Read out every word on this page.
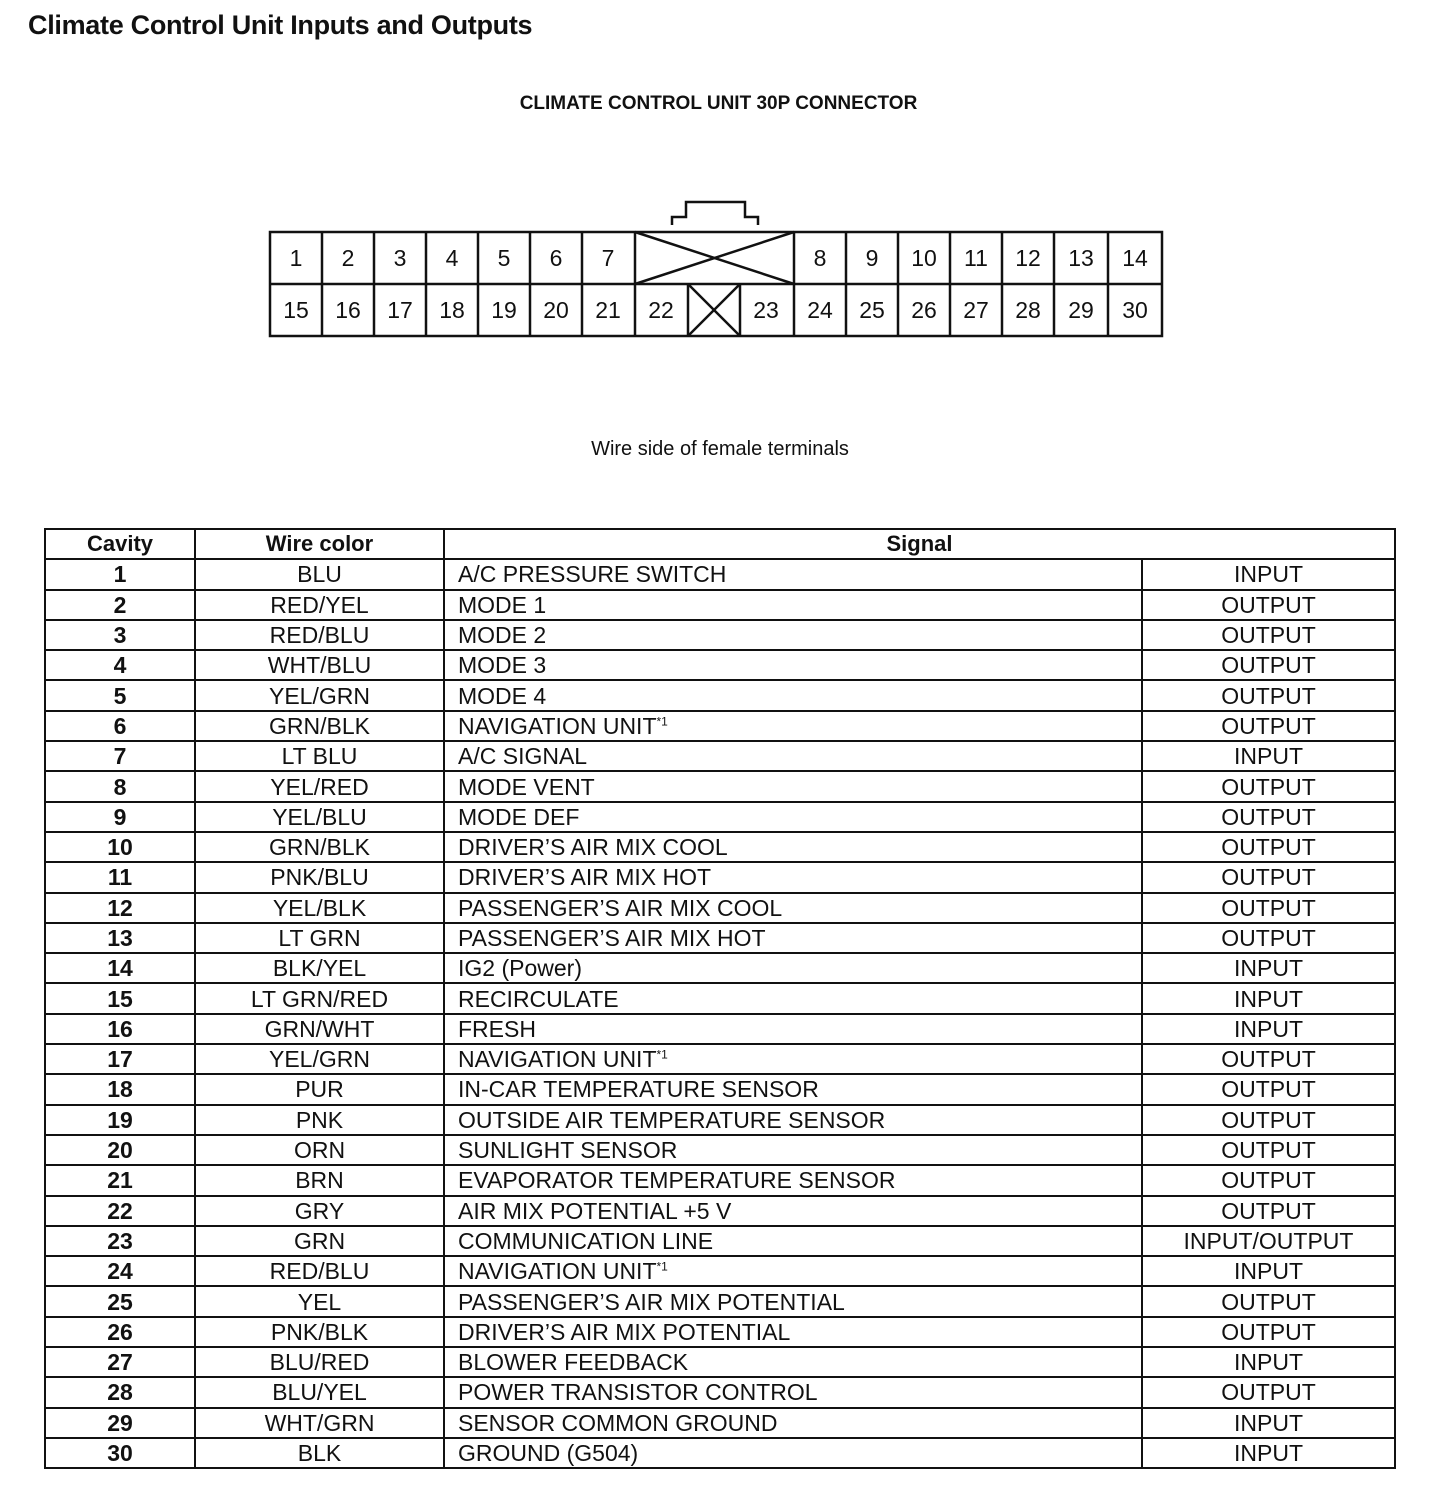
Climate Control Unit Inputs and Outputs
CLIMATE CONTROL UNIT 30P CONNECTOR
1 2 3 4 5 6 7	8 9 10 11 12 13 14
15 16 17 18 19 20 21 22	23 24 25 26 27 28 29 30
Wire side of female terminals
Cavity	Wire color	Signal	
1	BLU	A/C PRESSURE SWITCH	INPUT
2	RED/YEL	MODE 1	OUTPUT
3	RED/BLU	MODE 2	OUTPUT
4	WHT/BLU	MODE 3	OUTPUT
5	YEL/GRN	MODE 4	OUTPUT
6	GRN/BLK	NAVIGATION UNIT$^{*1}$	OUTPUT
7	LT BLU	A/C SIGNAL	INPUT
8	YEL/RED	MODE VENT	OUTPUT
9	YEL/BLU	MODE DEF	OUTPUT
10	GRN/BLK	DRIVER’S AIR MIX COOL	OUTPUT
11	PNK/BLU	DRIVER’S AIR MIX HOT	OUTPUT
12	YEL/BLK	PASSENGER’S AIR MIX COOL	OUTPUT
13	LT GRN	PASSENGER’S AIR MIX HOT	OUTPUT
14	BLK/YEL	IG2 (Power)	INPUT
15	LT GRN/RED	RECIRCULATE	INPUT
16	GRN/WHT	FRESH	INPUT
17	YEL/GRN	NAVIGATION UNIT$^{*1}$	OUTPUT
18	PUR	IN-CAR TEMPERATURE SENSOR	OUTPUT
19	PNK	OUTSIDE AIR TEMPERATURE SENSOR	OUTPUT
20	ORN	SUNLIGHT SENSOR	OUTPUT
21	BRN	EVAPORATOR TEMPERATURE SENSOR	OUTPUT
22	GRY	AIR MIX POTENTIAL +5 V	OUTPUT
23	GRN	COMMUNICATION LINE	INPUT/OUTPUT
24	RED/BLU	NAVIGATION UNIT$^{*1}$	INPUT
25	YEL	PASSENGER’S AIR MIX POTENTIAL	OUTPUT
26	PNK/BLK	DRIVER’S AIR MIX POTENTIAL	OUTPUT
27	BLU/RED	BLOWER FEEDBACK	INPUT
28	BLU/YEL	POWER TRANSISTOR CONTROL	OUTPUT
29	WHT/GRN	SENSOR COMMON GROUND	INPUT
30	BLK	GROUND (G504)	INPUT
